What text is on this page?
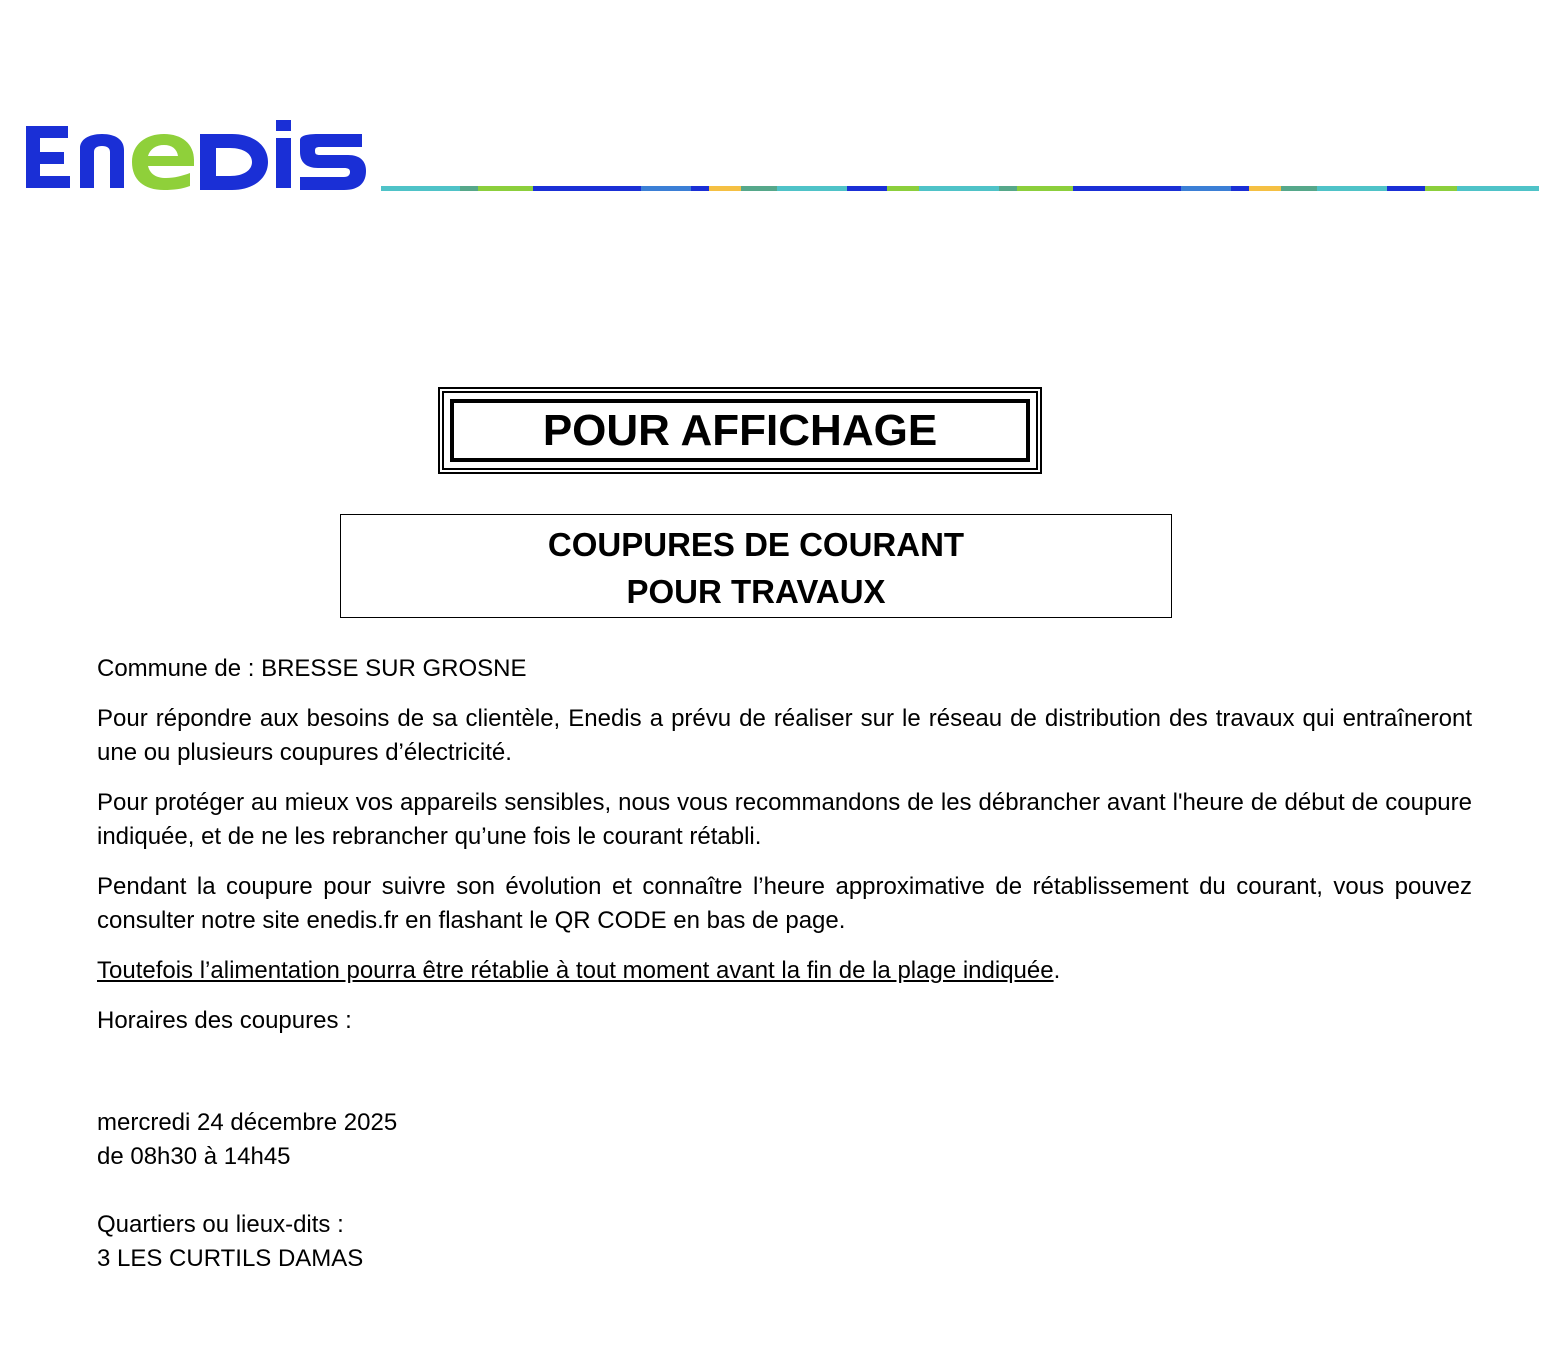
POUR AFFICHAGE
COUPURES DE COURANT
POUR TRAVAUX

Commune de : BRESSE SUR GROSNE

Pour répondre aux besoins de sa clientèle, Enedis a prévu de réaliser sur le réseau de distribution des travaux qui entraîneront une ou plusieurs coupures d’électricité.

Pour protéger au mieux vos appareils sensibles, nous vous recommandons de les débrancher avant l'heure de début de coupure indiquée, et de ne les rebrancher qu’une fois le courant rétabli.

Pendant la coupure pour suivre son évolution et connaître l’heure approximative de rétablissement du courant, vous pouvez consulter notre site enedis.fr en flashant le QR CODE en bas de page.

Toutefois l’alimentation pourra être rétablie à tout moment avant la fin de la plage indiquée.

Horaires des coupures :

mercredi 24 décembre 2025
de 08h30 à 14h45
Quartiers ou lieux-dits :
3 LES CURTILS DAMAS
